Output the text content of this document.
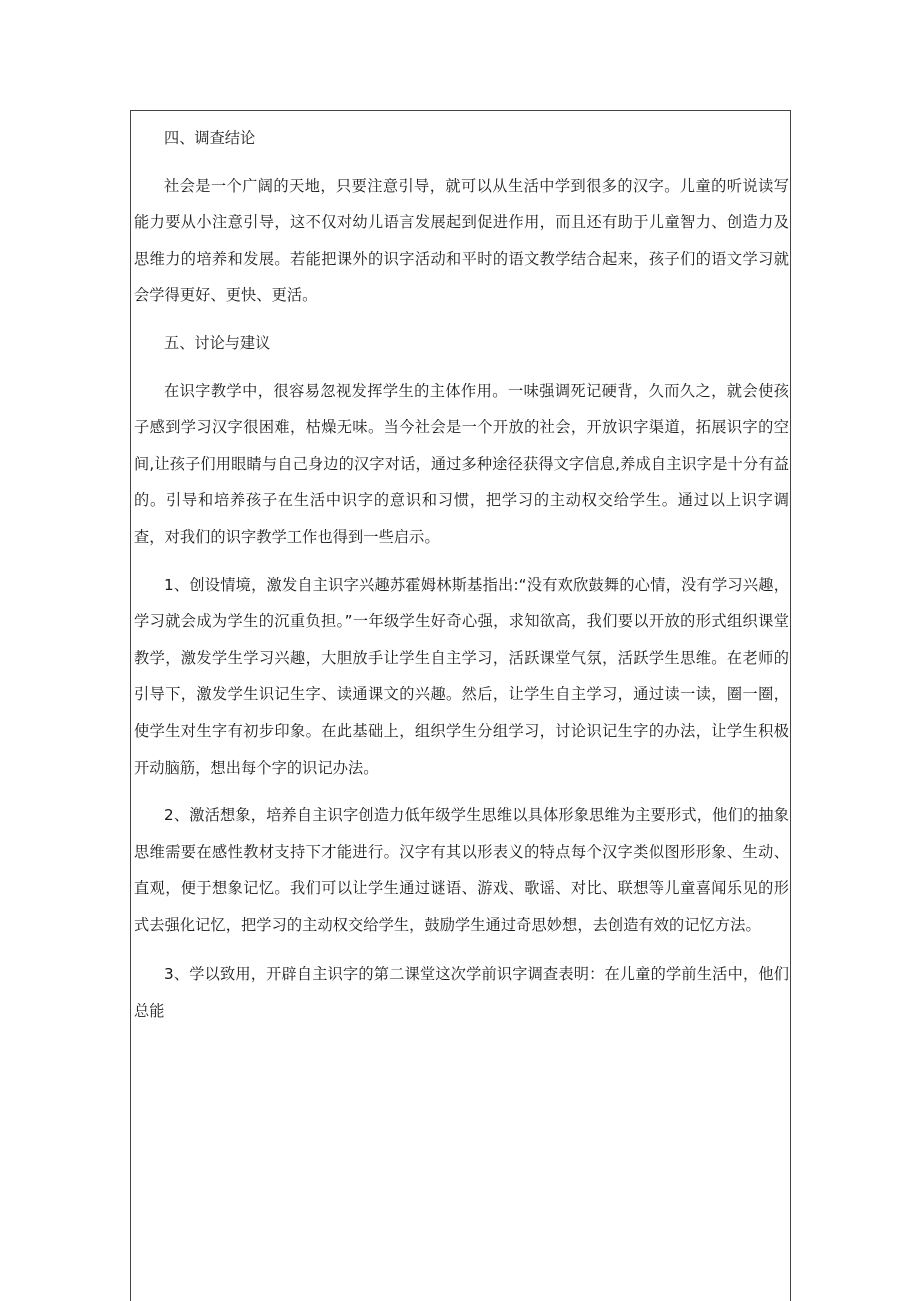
四、调查结论

社会是一个广阔的天地，只要注意引导，就可以从生活中学到很多的汉字。儿童的听说读写能力要从小注意引导，这不仅对幼儿语言发展起到促进作用，而且还有助于儿童智力、创造力及思维力的培养和发展。若能把课外的识字活动和平时的语文教学结合起来，孩子们的语文学习就会学得更好、更快、更活。

五、讨论与建议

在识字教学中，很容易忽视发挥学生的主体作用。一味强调死记硬背，久而久之，就会使孩子感到学习汉字很困难，枯燥无味。当今社会是一个开放的社会，开放识字渠道，拓展识字的空间,让孩子们用眼睛与自己身边的汉字对话，通过多种途径获得文字信息,养成自主识字是十分有益的。引导和培养孩子在生活中识字的意识和习惯，把学习的主动权交给学生。通过以上识字调查，对我们的识字教学工作也得到一些启示。

1、创设情境，激发自主识字兴趣苏霍姆林斯基指出:“没有欢欣鼓舞的心情，没有学习兴趣，学习就会成为学生的沉重负担。”一年级学生好奇心强，求知欲高，我们要以开放的形式组织课堂教学，激发学生学习兴趣，大胆放手让学生自主学习，活跃课堂气氛，活跃学生思维。在老师的引导下，激发学生识记生字、读通课文的兴趣。然后，让学生自主学习，通过读一读，圈一圈，使学生对生字有初步印象。在此基础上，组织学生分组学习，讨论识记生字的办法，让学生积极开动脑筋，想出每个字的识记办法。

2、激活想象，培养自主识字创造力低年级学生思维以具体形象思维为主要形式，他们的抽象思维需要在感性教材支持下才能进行。汉字有其以形表义的特点每个汉字类似图形形象、生动、直观，便于想象记忆。我们可以让学生通过谜语、游戏、歌谣、对比、联想等儿童喜闻乐见的形式去强化记忆，把学习的主动权交给学生，鼓励学生通过奇思妙想，去创造有效的记忆方法。

3、学以致用，开辟自主识字的第二课堂这次学前识字调查表明：在儿童的学前生活中，他们总能
